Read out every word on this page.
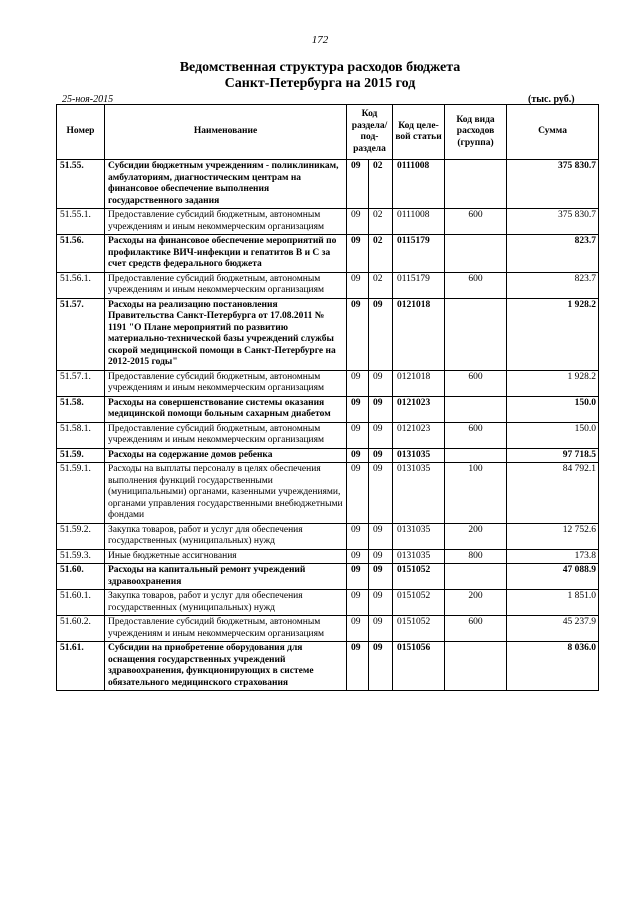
172
Ведомственная структура расходов бюджета
Санкт-Петербурга на 2015 год
25-ноя-2015	(тыс. руб.)
Номер	Наименование	Код раздела/ под-раздела		Код целе-вой статьи	Код вида расходов (группа)	Сумма
51.55.	Субсидии бюджетным учреждениям - поликлиникам, амбулаториям, диагностическим центрам на финансовое обеспечение выполнения государственного задания	09	02	0111008		375 830.7
51.55.1.	Предоставление субсидий бюджетным, автономным учреждениям и иным некоммерческим организациям	09	02	0111008	600	375 830.7
51.56.	Расходы на финансовое обеспечение мероприятий по профилактике ВИЧ-инфекции и гепатитов В и С за счет средств федерального бюджета	09	02	0115179		823.7
51.56.1.	Предоставление субсидий бюджетным, автономным учреждениям и иным некоммерческим организациям	09	02	0115179	600	823.7
51.57.	Расходы на реализацию постановления Правительства Санкт-Петербурга от 17.08.2011 № 1191 "О Плане мероприятий по развитию материально-технической базы учреждений службы скорой медицинской помощи в Санкт-Петербурге на 2012-2015 годы"	09	09	0121018		1 928.2
51.57.1.	Предоставление субсидий бюджетным, автономным учреждениям и иным некоммерческим организациям	09	09	0121018	600	1 928.2
51.58.	Расходы на совершенствование системы оказания медицинской помощи больным сахарным диабетом	09	09	0121023		150.0
51.58.1.	Предоставление субсидий бюджетным, автономным учреждениям и иным некоммерческим организациям	09	09	0121023	600	150.0
51.59.	Расходы на содержание домов ребенка	09	09	0131035		97 718.5
51.59.1.	Расходы на выплаты персоналу в целях обеспечения выполнения функций государственными (муниципальными) органами, казенными учреждениями, органами управления государственными внебюджетными фондами	09	09	0131035	100	84 792.1
51.59.2.	Закупка товаров, работ и услуг для обеспечения государственных (муниципальных) нужд	09	09	0131035	200	12 752.6
51.59.3.	Иные бюджетные ассигнования	09	09	0131035	800	173.8
51.60.	Расходы на капитальный ремонт учреждений здравоохранения	09	09	0151052		47 088.9
51.60.1.	Закупка товаров, работ и услуг для обеспечения государственных (муниципальных) нужд	09	09	0151052	200	1 851.0
51.60.2.	Предоставление субсидий бюджетным, автономным учреждениям и иным некоммерческим организациям	09	09	0151052	600	45 237.9
51.61.	Субсидии на приобретение оборудования для оснащения государственных учреждений здравоохранения, функционирующих в системе обязательного медицинского страхования	09	09	0151056		8 036.0
